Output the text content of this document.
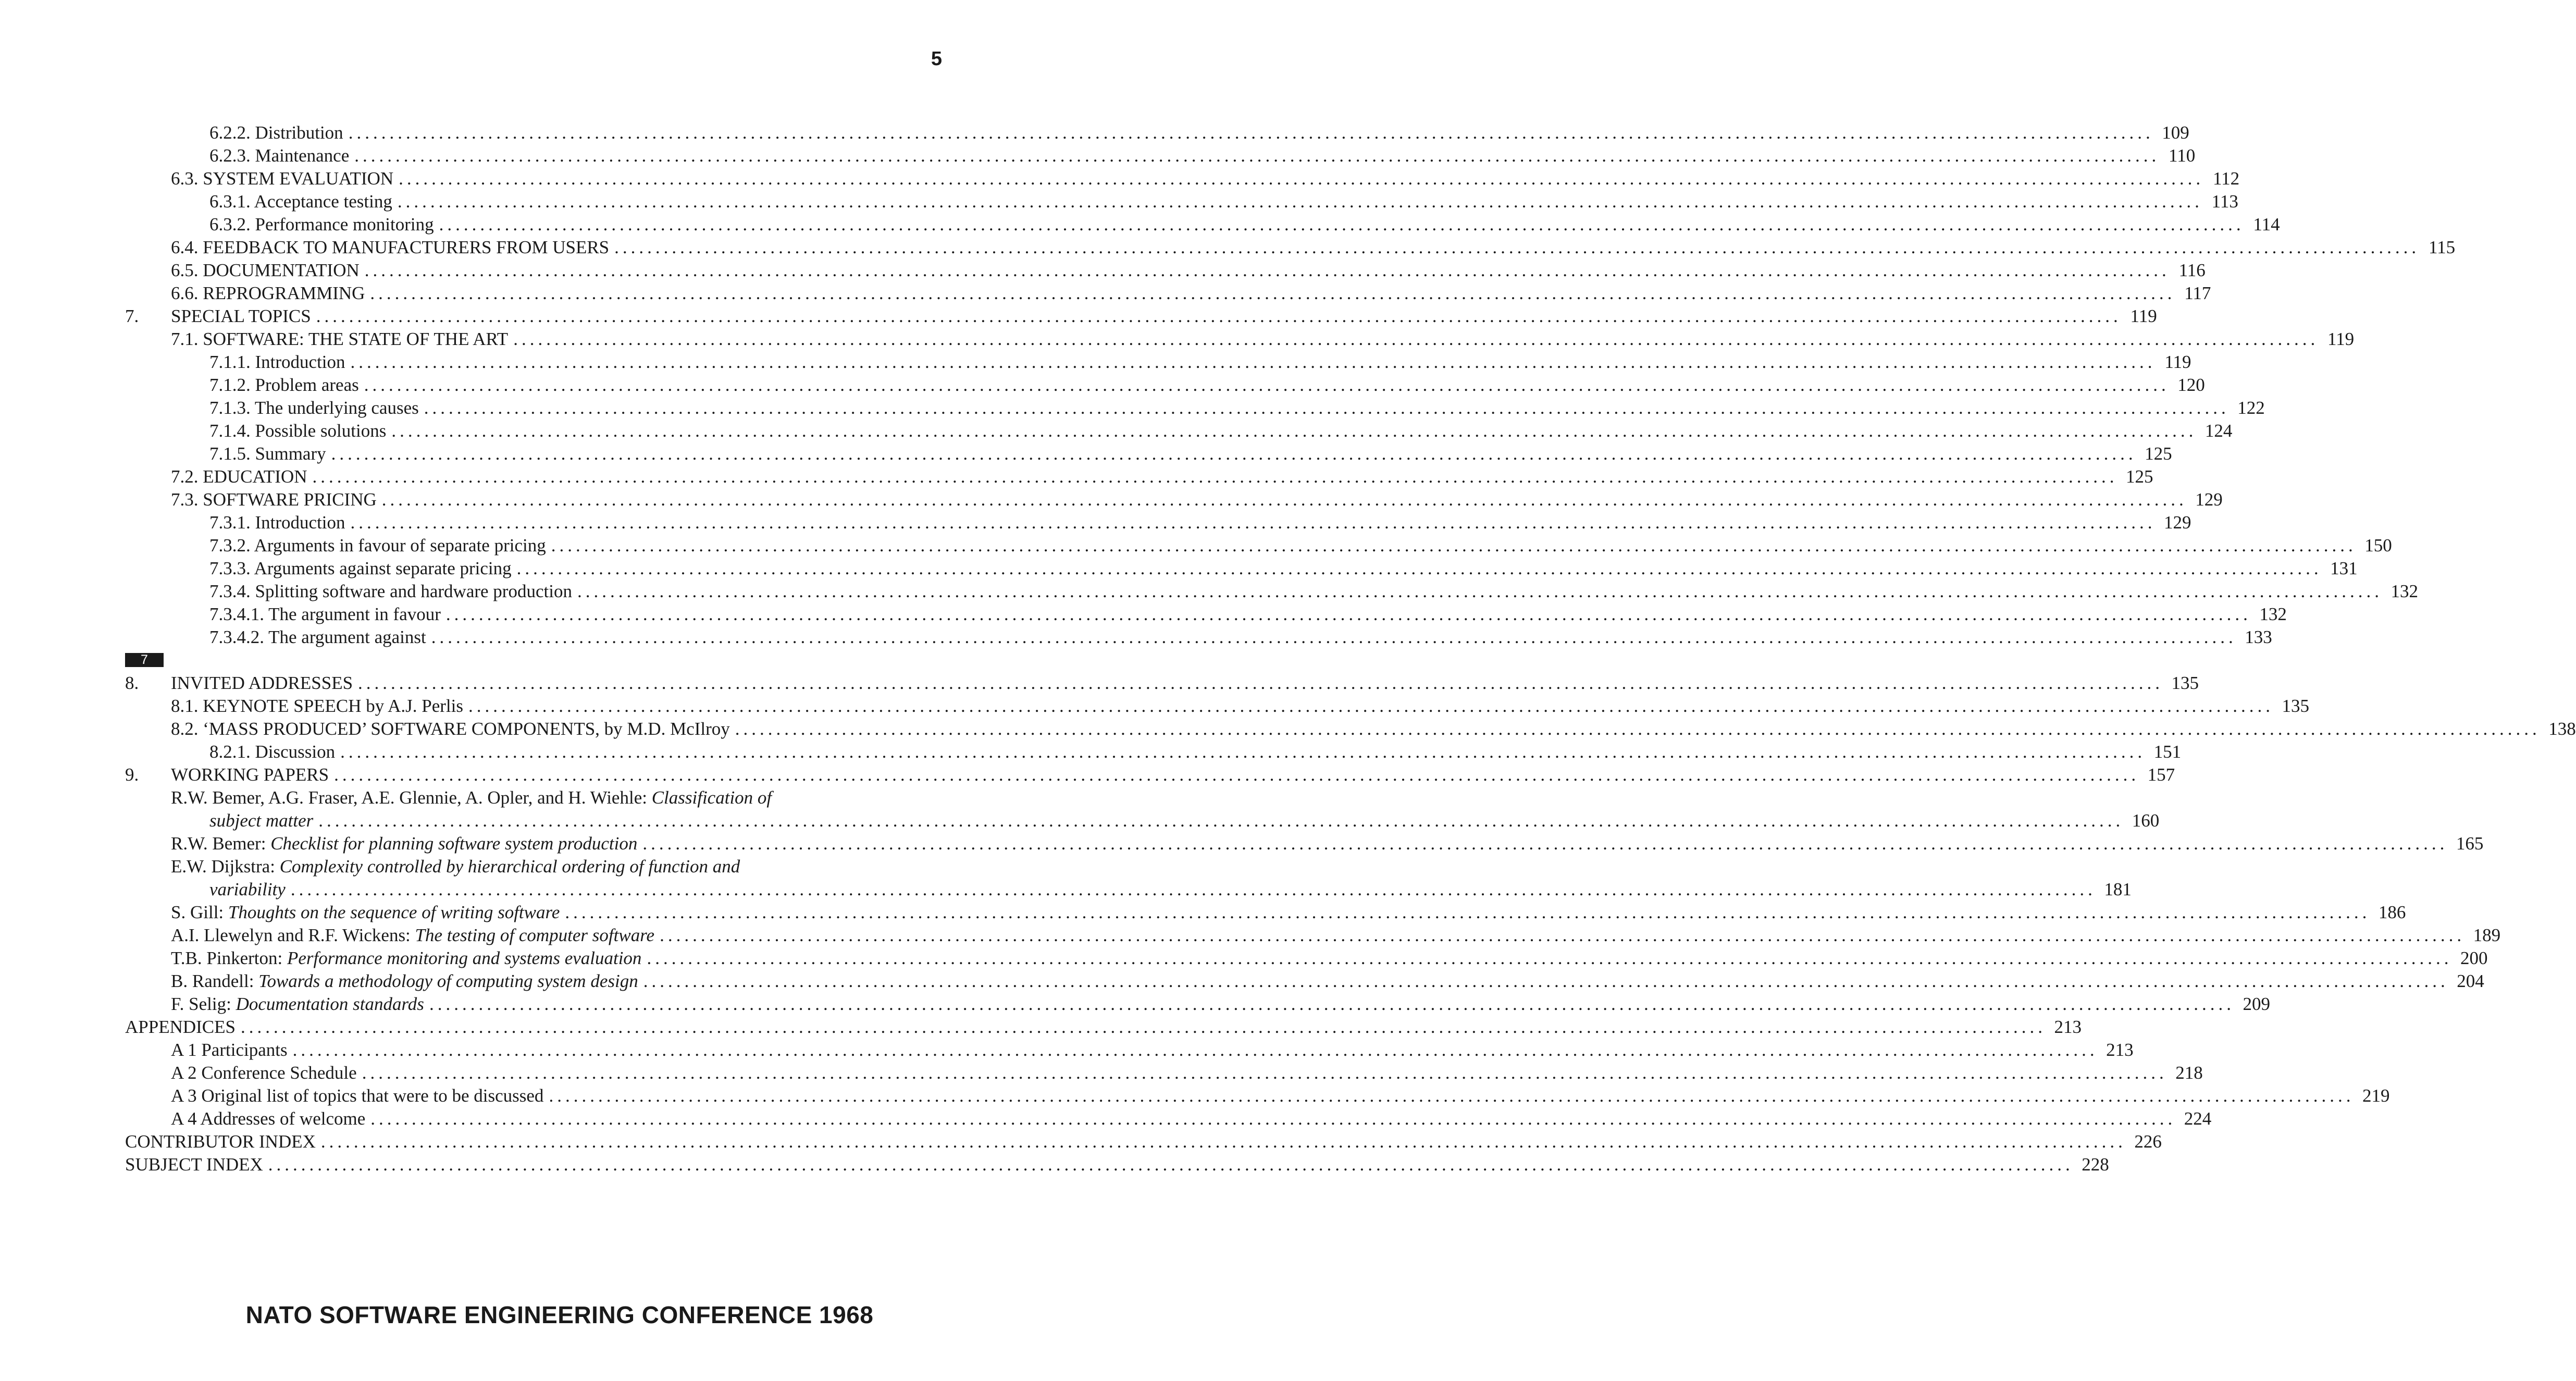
5
6.2.2. Distribution ............................................................................................................................................................................................................................ 109
6.2.3. Maintenance ............................................................................................................................................................................................................................ 110
6.3. SYSTEM EVALUATION ............................................................................................................................................................................................................................ 112
6.3.1. Acceptance testing ............................................................................................................................................................................................................................ 113
6.3.2. Performance monitoring ............................................................................................................................................................................................................................ 114
6.4. FEEDBACK TO MANUFACTURERS FROM USERS ............................................................................................................................................................................................................................ 115
6.5. DOCUMENTATION ............................................................................................................................................................................................................................ 116
6.6. REPROGRAMMING ............................................................................................................................................................................................................................ 117
7.	SPECIAL TOPICS ............................................................................................................................................................................................................................ 119
7.1. SOFTWARE: THE STATE OF THE ART ............................................................................................................................................................................................................................ 119
7.1.1. Introduction ............................................................................................................................................................................................................................ 119
7.1.2. Problem areas ............................................................................................................................................................................................................................ 120
7.1.3. The underlying causes ............................................................................................................................................................................................................................ 122
7.1.4. Possible solutions ............................................................................................................................................................................................................................ 124
7.1.5. Summary ............................................................................................................................................................................................................................ 125
7.2. EDUCATION ............................................................................................................................................................................................................................ 125
7.3. SOFTWARE PRICING ............................................................................................................................................................................................................................ 129
7.3.1. Introduction ............................................................................................................................................................................................................................ 129
7.3.2. Arguments in favour of separate pricing ............................................................................................................................................................................................................................ 150
7.3.3. Arguments against separate pricing ............................................................................................................................................................................................................................ 131
7.3.4. Splitting software and hardware production ............................................................................................................................................................................................................................ 132
7.3.4.1. The argument in favour ............................................................................................................................................................................................................................ 132
7.3.4.2. The argument against ............................................................................................................................................................................................................................ 133
7
8.	INVITED ADDRESSES ............................................................................................................................................................................................................................ 135
8.1. KEYNOTE SPEECH by A.J. Perlis ............................................................................................................................................................................................................................ 135
8.2. ‘MASS PRODUCED’ SOFTWARE COMPONENTS, by M.D. McIlroy ............................................................................................................................................................................................................................ 138
8.2.1. Discussion ............................................................................................................................................................................................................................ 151
9.	WORKING PAPERS ............................................................................................................................................................................................................................ 157
R.W. Bemer, A.G. Fraser, A.E. Glennie, A. Opler, and H. Wiehle: Classification of
subject matter ............................................................................................................................................................................................................................ 160
R.W. Bemer: Checklist for planning software system production ............................................................................................................................................................................................................................ 165
E.W. Dijkstra: Complexity controlled by hierarchical ordering of function and
variability ............................................................................................................................................................................................................................ 181
S. Gill: Thoughts on the sequence of writing software ............................................................................................................................................................................................................................ 186
A.I. Llewelyn and R.F. Wickens: The testing of computer software ............................................................................................................................................................................................................................ 189
T.B. Pinkerton: Performance monitoring and systems evaluation ............................................................................................................................................................................................................................ 200
B. Randell: Towards a methodology of computing system design ............................................................................................................................................................................................................................ 204
F. Selig: Documentation standards ............................................................................................................................................................................................................................ 209
APPENDICES ............................................................................................................................................................................................................................ 213
A 1 Participants ............................................................................................................................................................................................................................ 213
A 2 Conference Schedule ............................................................................................................................................................................................................................ 218
A 3 Original list of topics that were to be discussed ............................................................................................................................................................................................................................ 219
A 4 Addresses of welcome ............................................................................................................................................................................................................................ 224
CONTRIBUTOR INDEX ............................................................................................................................................................................................................................ 226
SUBJECT INDEX ............................................................................................................................................................................................................................ 228
NATO SOFTWARE ENGINEERING CONFERENCE 1968
